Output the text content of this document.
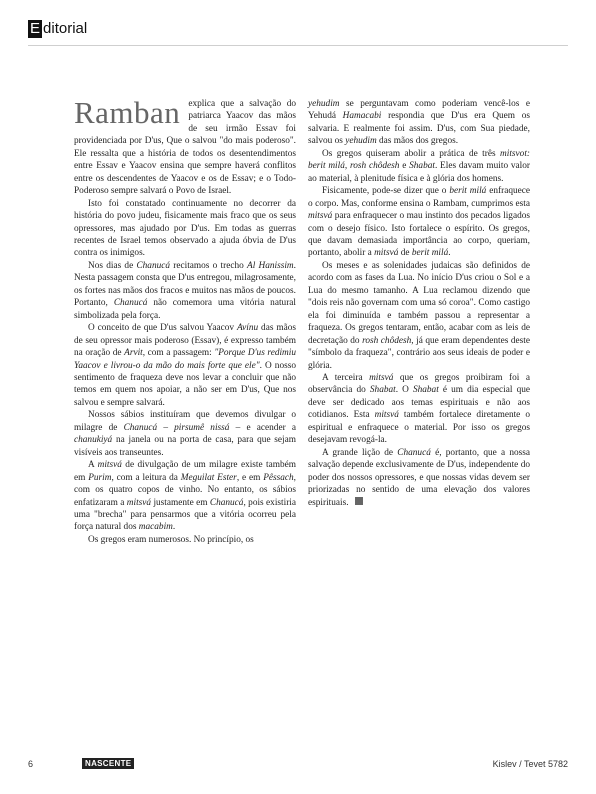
E ditorial

Ramban explica que a salvação do patriarca Yaacov das mãos de seu irmão Essav foi providenciada por D'us, Que o salvou "do mais poderoso". Ele ressalta que a história de todos os desentendimentos entre Essav e Yaacov ensina que sempre haverá conflitos entre os descendentes de Yaacov e os de Essav; e o Todo-Poderoso sempre salvará o Povo de Israel.

Isto foi constatado continuamente no decorrer da história do povo judeu, fisicamente mais fraco que os seus opressores, mas ajudado por D'us. Em todas as guerras recentes de Israel temos observado a ajuda óbvia de D'us contra os inimigos.

Nos dias de Chanucá recitamos o trecho Al Hanissim. Nesta passagem consta que D'us entregou, milagrosamente, os fortes nas mãos dos fracos e muitos nas mãos de poucos. Portanto, Chanucá não comemora uma vitória natural simbolizada pela força.

O conceito de que D'us salvou Yaacov Avínu das mãos de seu opressor mais poderoso (Essav), é expresso também na oração de Arvit, com a passagem: "Porque D'us redimiu Yaacov e livrou-o da mão do mais forte que ele". O nosso sentimento de fraqueza deve nos levar a concluir que não temos em quem nos apoiar, a não ser em D'us, Que nos salvou e sempre salvará.

Nossos sábios instituíram que devemos divulgar o milagre de Chanucá – pirsumê nissá – e acender a chanukiyá na janela ou na porta de casa, para que sejam visíveis aos transeuntes.

A mitsvá de divulgação de um milagre existe também em Purim, com a leitura da Meguilat Ester, e em Pêssach, com os quatro copos de vinho. No entanto, os sábios enfatizaram a mitsvá justamente em Chanucá, pois existiria uma "brecha" para pensarmos que a vitória ocorreu pela força natural dos macabim.

Os gregos eram numerosos. No princípio, os

yehudim se perguntavam como poderiam vencê-los e Yehudá Hamacabi respondia que D'us era Quem os salvaria. E realmente foi assim. D'us, com Sua piedade, salvou os yehudim das mãos dos gregos.

Os gregos quiseram abolir a prática de três mitsvot: berit milá, rosh chôdesh e Shabat. Eles davam muito valor ao material, à plenitude física e à glória dos homens.

Fisicamente, pode-se dizer que o berit milá enfraquece o corpo. Mas, conforme ensina o Rambam, cumprimos esta mitsvá para enfraquecer o mau instinto dos pecados ligados com o desejo físico. Isto fortalece o espírito. Os gregos, que davam demasiada importância ao corpo, queriam, portanto, abolir a mitsvá de berit milá.

Os meses e as solenidades judaicas são definidos de acordo com as fases da Lua. No início D'us criou o Sol e a Lua do mesmo tamanho. A Lua reclamou dizendo que "dois reis não governam com uma só coroa". Como castigo ela foi diminuída e também passou a representar a fraqueza. Os gregos tentaram, então, acabar com as leis de decretação do rosh chôdesh, já que eram dependentes deste "símbolo da fraqueza", contrário aos seus ideais de poder e glória.

A terceira mitsvá que os gregos proibiram foi a observância do Shabat. O Shabat é um dia especial que deve ser dedicado aos temas espirituais e não aos cotidianos. Esta mitsvá também fortalece diretamente o espiritual e enfraquece o material. Por isso os gregos desejavam revogá-la.

A grande lição de Chanucá é, portanto, que a nossa salvação depende exclusivamente de D'us, independente do poder dos nossos opressores, e que nossas vidas devem ser priorizadas no sentido de uma elevação dos valores espirituais.

6	NASCENTE	Kislev / Tevet 5782
